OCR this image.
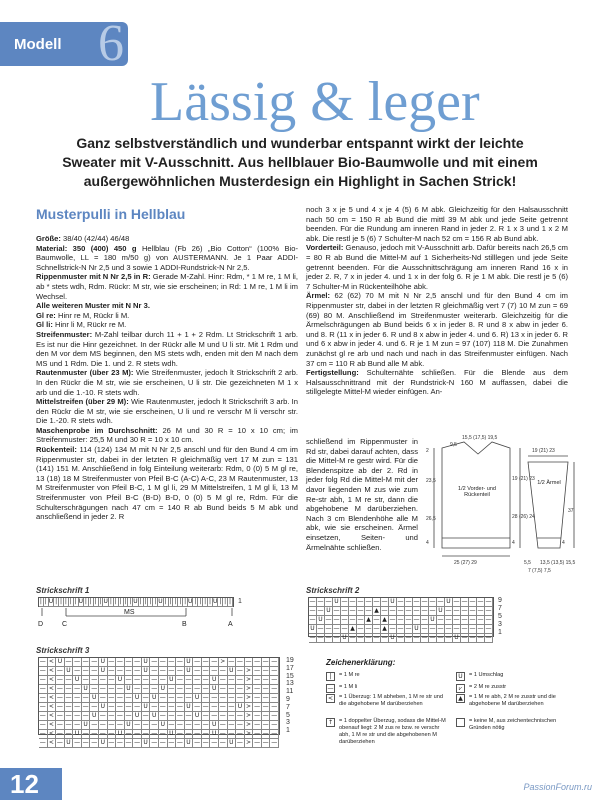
Modell 6
Lässig & leger

Ganz selbstverständlich und wunderbar entspannt wirkt der leichte Sweater mit V-Ausschnitt. Aus hellblauer Bio-Baumwolle und mit einem außergewöhnlichen Musterdesign ein Highlight in Sachen Strick!

Musterpulli in Hellblau

Größe: 38/40 (42/44) 46/48

Material: 350 (400) 450 g Hellblau (Fb 26) „Bio Cotton“ (100% Bio-Baumwolle, LL = 180 m/50 g) von AUSTERMANN. Je 1 Paar ADDI-Schnellstrick-N Nr 2,5 und 3 sowie 1 ADDI-Rundstrick-N Nr 2,5.

Rippenmuster mit N Nr 2,5 in R: Gerade M-Zahl. Hinr: Rdm, * 1 M re, 1 M li, ab * stets wdh, Rdm. Rückr: M str, wie sie erscheinen; in Rd: 1 M re, 1 M li im Wechsel.

Alle weiteren Muster mit N Nr 3.

Gl re: Hinr re M, Rückr li M.

Gl li: Hinr li M, Rückr re M.

Streifenmuster: M-Zahl teilbar durch 11 + 1 + 2 Rdm. Lt Strickschrift 1 arb. Es ist nur die Hinr gezeichnet. In der Rückr alle M und U li str. Mit 1 Rdm und den M vor dem MS beginnen, den MS stets wdh, enden mit den M nach dem MS und 1 Rdm. Die 1. und 2. R stets wdh.

Rautenmuster (über 23 M): Wie Streifenmuster, jedoch lt Strickschrift 2 arb. In den Rückr die M str, wie sie erscheinen, U li str. Die gezeichneten M 1 x arb und die 1.-10. R stets wdh.

Mittelstreifen (über 29 M): Wie Rautenmuster, jedoch lt Strickschrift 3 arb. In den Rückr die M str, wie sie erscheinen, U li und re verschr M li verschr str. Die 1.-20. R stets wdh.

Maschenprobe im Durchschnitt: 26 M und 30 R = 10 x 10 cm; im Streifenmuster: 25,5 M und 30 R = 10 x 10 cm.

Rückenteil: 114 (124) 134 M mit N Nr 2,5 anschl und für den Bund 4 cm im Rippenmuster str, dabei in der letzten R gleichmäßig vert 17 M zun = 131 (141) 151 M. Anschließend in folg Einteilung weiterarb: Rdm, 0 (0) 5 M gl re, 13 (18) 18 M Streifenmuster von Pfeil B-C (A-C) A-C, 23 M Rautenmuster, 13 M Streifenmuster von Pfeil B-C, 1 M gl li, 29 M Mittelstreifen, 1 M gl li, 13 M Streifenmuster von Pfeil B-C (B-D) B-D, 0 (0) 5 M gl re, Rdm. Für die Schulterschrägungen nach 47 cm = 140 R ab Bund beids 5 M abk und anschließend in jeder 2. R

noch 3 x je 5 und 4 x je 4 (5) 6 M abk. Gleichzeitig für den Halsausschnitt nach 50 cm = 150 R ab Bund die mittl 39 M abk und jede Seite getrennt beenden. Für die Rundung am inneren Rand in jeder 2. R 1 x 3 und 1 x 2 M abk. Die restl je 5 (6) 7 Schulter-M nach 52 cm = 156 R ab Bund abk.

Vorderteil: Genauso, jedoch mit V-Ausschnitt arb. Dafür bereits nach 26,5 cm = 80 R ab Bund die Mittel-M auf 1 Sicherheits-Nd stilllegen und jede Seite getrennt beenden. Für die Ausschnittschrägung am inneren Rand 16 x in jeder 2. R, 7 x in jeder 4. und 1 x in der folg 6. R je 1 M abk. Die restl je 5 (6) 7 Schulter-M in Rückenteilhöhe abk.

Ärmel: 62 (62) 70 M mit N Nr 2,5 anschl und für den Bund 4 cm im Rippenmuster str, dabei in der letzten R gleichmäßig vert 7 (7) 10 M zun = 69 (69) 80 M. Anschließend im Streifenmuster weiterarb. Gleichzeitig für die Ärmelschrägungen ab Bund beids 6 x in jeder 8. R und 8 x abw in jeder 6. und 8. R (11 x in jeder 6. R und 8 x abw in jeder 4. und 6. R) 13 x in jeder 6. R und 6 x abw in jeder 4. und 6. R je 1 M zun = 97 (107) 118 M. Die Zunahmen zunächst gl re arb und nach und nach in das Streifenmuster einfügen. Nach 37 cm = 110 R ab Bund alle M abk.

Fertigstellung: Schulternähte schließen. Für die Blende aus dem Halsausschnittrand mit der Rundstrick-N 160 M auffassen, dabei die stillgelegte Mittel-M wieder einfügen. An-

schließend im Rippenmuster in Rd str, dabei darauf achten, dass die Mittel-M re gestr wird. Für die Blendenspitze ab der 2. Rd in jeder folg Rd die Mittel-M mit der davor liegenden M zus wie zum Re-str abh, 1 M re str, dann die abgehobene M darüberziehen. Nach 3 cm Blendenhöhe alle M abk, wie sie erscheinen. Ärmel einsetzen, Seiten- und Ärmelnähte schließen.

15,5 (17,5) 19,5
9,5
23,5
26,5
4
2
19 (21) 23
28 (26) 24
4
25 (27) 29
19 (21) 23
37
4
5,5 13,5 (13,5) 15,5
7 (7,5) 7,5
1/2 Vorder- und Rückenteil
1/2 Ärmel
Strickschrift 1
| | U | | | | | U | | | | U | | | | | U | | | | U | | | | | U | | | | U | | | 1
MS
D	C	B	A
Strickschrift 2
— — — U — — — — — — U — — — — — — U — — — — —
— — U — — — — — ▲ — — — — — — — U — — — — — —
— U — — — — — ▲ — ▲ — — — — — U — — — — — — —
U — — — — ▲ — — — ▲ — — — U — — — — — — — — —
— — — — U — — — — — U — — — — — — — U — — — —
9
7
5
3
1
Strickschrift 3
— < U — — — — U — — — — U — — — — U — — — > — — — — — —
— < — U — — — U — — — — U — — — — U — — — — U — > — — —
— < — — U — — — — U — — — — — U — — — — U — — — > — — —
— < — — — U — — — — U — — — U — — — — — U — — — > — — —
— < — — — — U — — — — U — U — — — — U — — — — — > — — —
— < — — — — — U — — — — U — — — — U — — — — — U > — — —
— < — — — — U — — — — U — U — — — — U — — — — — > — — —
— < — — — U — — — — U — — — U — — — — — U — — — > — — —
— < — — U — — — — U — — — — — U — — — — U — — — > — — —
— < — U — — — U — — — — U — — — — U — — — — U — > — — —
19
17
15
13
11
9
7
5
3
1
Zeichenerklärung:
|	= 1 M re
— = 1 M li
<	= 1 Überzug: 1 M abheben, 1 M re str und die abgehobene M darüberziehen
↑	= 1 doppelter Überzug, sodass die Mittel-M obenauf liegt: 2 M zus re bzw. re verschr abh, 1 M re str und die abgehobenen M darüberziehen
U	= 1 Umschlag
⩗	= 2 M re zusstr
▲	= 1 M re abh, 2 M re zusstr und die abgehobene M darüberziehen
= keine M, aus zeichentechnischen Gründen nötig
12	PassionForum.ru
